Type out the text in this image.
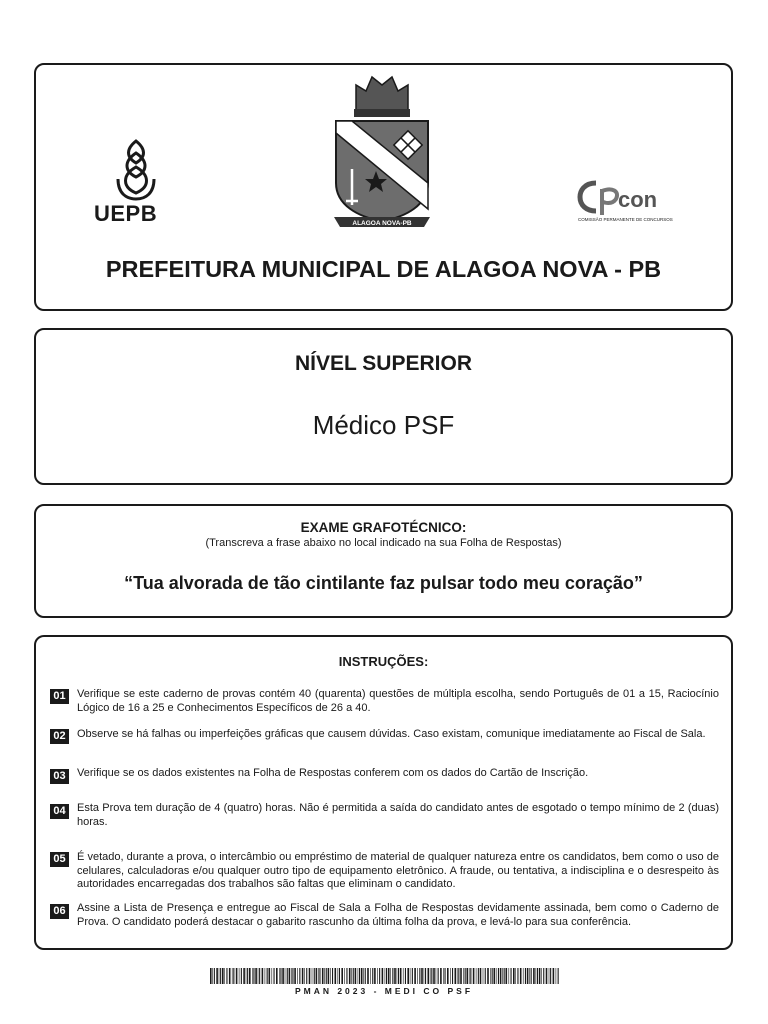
UEPB	ALAGOA NOVA-PB
con
COMISSÃO PERMANENTE DE CONCURSOS
PREFEITURA MUNICIPAL DE ALAGOA NOVA - PB
NÍVEL SUPERIOR
Médico PSF
EXAME GRAFOTÉCNICO:
(Transcreva a frase abaixo no local indicado na sua Folha de Respostas)
“Tua alvorada de tão cintilante faz pulsar todo meu coração”
INSTRUÇÕES:
01	Verifique se este caderno de provas contém 40 (quarenta) questões de múltipla escolha, sendo Português de 01 a 15, Raciocínio Lógico de 16 a 25 e Conhecimentos Específicos de 26 a 40.
02	Observe se há falhas ou imperfeições gráficas que causem dúvidas. Caso existam, comunique imediatamente ao Fiscal de Sala.
03	Verifique se os dados existentes na Folha de Respostas conferem com os dados do Cartão de Inscrição.
04	Esta Prova tem duração de 4 (quatro) horas. Não é permitida a saída do candidato antes de esgotado o tempo mínimo de 2 (duas) horas.
05	É vetado, durante a prova, o intercâmbio ou empréstimo de material de qualquer natureza entre os candidatos, bem como o uso de celulares, calculadoras e/ou qualquer outro tipo de equipamento eletrônico. A fraude, ou tentativa, a indisciplina e o desrespeito às autoridades encarregadas dos trabalhos são faltas que eliminam o candidato.
06	Assine a Lista de Presença e entregue ao Fiscal de Sala a Folha de Respostas devidamente assinada, bem como o Caderno de Prova. O candidato poderá destacar o gabarito rascunho da última folha da prova, e levá-lo para sua conferência.
PMAN 2023 - MEDI CO PSF
